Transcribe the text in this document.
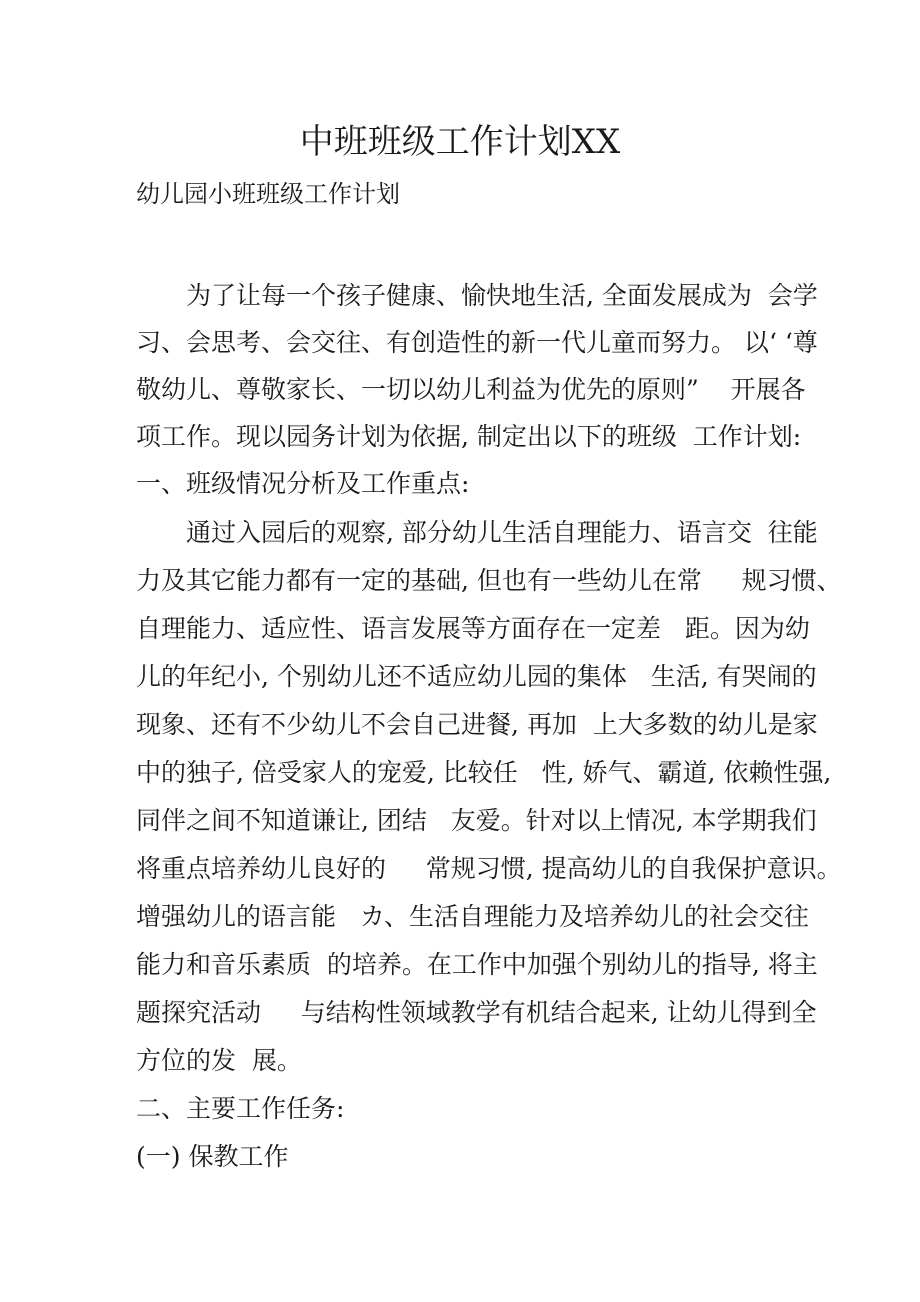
中班班级工作计划XX
幼儿园小班班级工作计划
为了让每一个孩子健康、愉快地生活, 全面发展成为  会学
习、会思考、会交往、有创造性的新一代儿童而努力。 以‘ ‘尊
敬幼儿、尊敬家长、一切以幼儿利益为优先的原则”    开展各
项工作。现以园务计划为依据, 制定出以下的班级  工作计划:
一、班级情况分析及工作重点:
通过入园后的观察, 部分幼儿生活自理能力、语言交  往能
力及其它能力都有一定的基础, 但也有一些幼儿在常     规习惯、
自理能力、适应性、语言发展等方面存在一定差   距。因为幼
儿的年纪小, 个别幼儿还不适应幼儿园的集体   生活, 有哭闹的
现象、还有不少幼儿不会自己进餐, 再加  上大多数的幼儿是家
中的独子, 倍受家人的宠爱, 比较任   性, 娇气、霸道, 依赖性强,
同伴之间不知道谦让, 团结   友爱。针对以上情况, 本学期我们
将重点培养幼儿良好的     常规习惯, 提高幼儿的自我保护意识。
增强幼儿的语言能   カ、生活自理能力及培养幼儿的社会交往
能力和音乐素质  的培养。在工作中加强个别幼儿的指导, 将主
题探究活动     与结构性领域教学有机结合起来, 让幼儿得到全
方位的发  展。
二、主要工作任务:
(一) 保教工作
